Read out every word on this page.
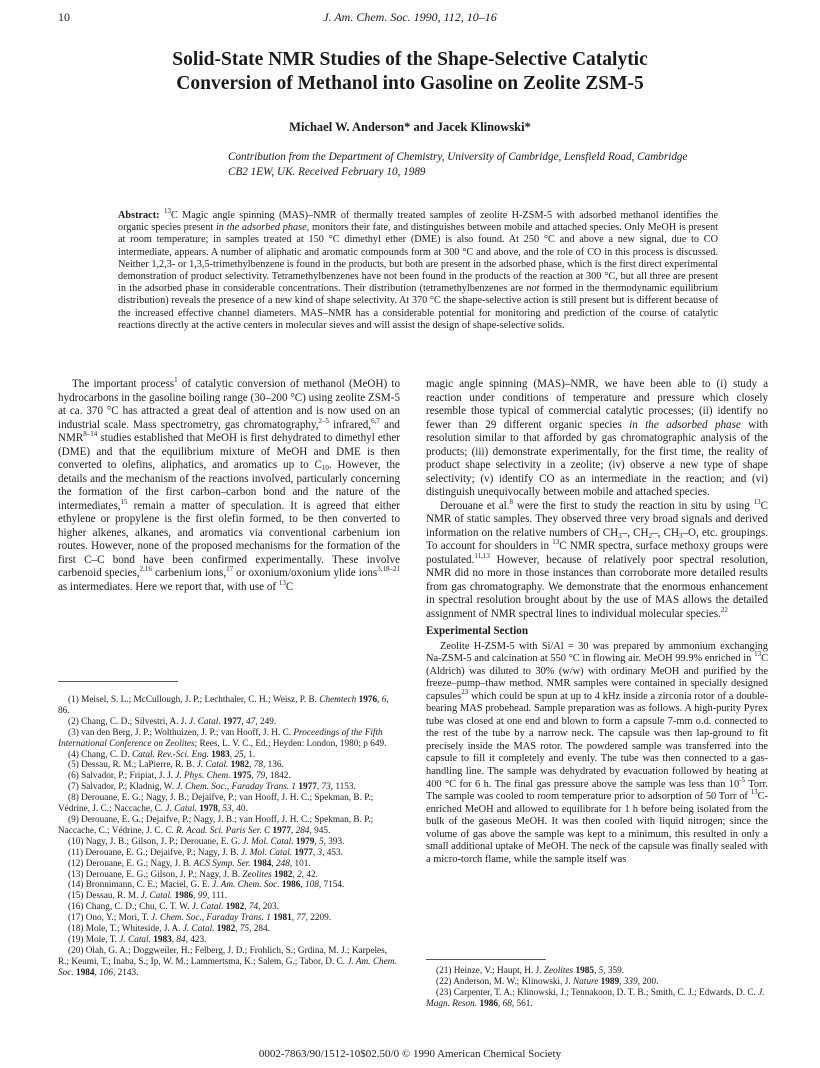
10	J. Am. Chem. Soc. 1990, 112, 10–16
Solid-State NMR Studies of the Shape-Selective Catalytic Conversion of Methanol into Gasoline on Zeolite ZSM-5
Michael W. Anderson* and Jacek Klinowski*
Contribution from the Department of Chemistry, University of Cambridge, Lensfield Road, Cambridge CB2 1EW, UK. Received February 10, 1989
Abstract: $^{13}$C Magic angle spinning (MAS)–NMR of thermally treated samples of zeolite H-ZSM-5 with adsorbed methanol identifies the organic species present in the adsorbed phase, monitors their fate, and distinguishes between mobile and attached species. Only MeOH is present at room temperature; in samples treated at 150 °C dimethyl ether (DME) is also found. At 250 °C and above a new signal, due to CO intermediate, appears. A number of aliphatic and aromatic compounds form at 300 °C and above, and the role of CO in this process is discussed. Neither 1,2,3- or 1,3,5-trimethylbenzene is found in the products, but both are present in the adsorbed phase, which is the first direct experimental demonstration of product selectivity. Tetramethylbenzenes have not been found in the products of the reaction at 300 °C, but all three are present in the adsorbed phase in considerable concentrations. Their distribution (tetramethylbenzenes are not formed in the thermodynamic equilibrium distribution) reveals the presence of a new kind of shape selectivity. At 370 °C the shape-selective action is still present but is different because of the increased effective channel diameters. MAS–NMR has a considerable potential for monitoring and prediction of the course of catalytic reactions directly at the active centers in molecular sieves and will assist the design of shape-selective solids.

The important process$^1$ of catalytic conversion of methanol (MeOH) to hydrocarbons in the gasoline boiling range (30–200 °C) using zeolite ZSM-5 at ca. 370 °C has attracted a great deal of attention and is now used on an industrial scale. Mass spectrometry, gas chromatography,$^{2-5}$ infrared,$^{6,7}$ and NMR$^{8-14}$ studies established that MeOH is first dehydrated to dimethyl ether (DME) and that the equilibrium mixture of MeOH and DME is then converted to olefins, aliphatics, and aromatics up to $C_{10}$. However, the details and the mechanism of the reactions involved, particularly concerning the formation of the first carbon–carbon bond and the nature of the intermediates,$^{15}$ remain a matter of speculation. It is agreed that either ethylene or propylene is the first olefin formed, to be then converted to higher alkenes, alkanes, and aromatics via conventional carbenium ion routes. However, none of the proposed mechanisms for the formation of the first C–C bond have been confirmed experimentally. These involve carbenoid species,$^{2,16}$ carbenium ions,$^{17}$ or oxonium/oxonium ylide ions$^{3,18-21}$ as intermediates. Here we report that, with use of $^{13}$C

(1) Meisel, S. L.; McCullough, J. P.; Lechthaler, C. H.; Weisz, P. B. Chemtech 1976, 6, 86.
(2) Chang, C. D.; Silvestri, A. J. J. Catal. 1977, 47, 249.
(3) van den Berg, J. P.; Wolthuizen, J. P.; van Hooff, J. H. C. Proceedings of the Fifth International Conference on Zeolites; Rees, L. V. C., Ed.; Heyden: London, 1980; p 649.
(4) Chang, C. D. Catal. Rev.-Sci. Eng. 1983, 25, 1.
(5) Dessau, R. M.; LaPierre, R. B. J. Catal. 1982, 78, 136.
(6) Salvador, P.; Fripiat, J. J. J. Phys. Chem. 1975, 79, 1842.
(7) Salvador, P.; Kladnig, W. J. Chem. Soc., Faraday Trans. 1 1977, 73, 1153.
(8) Derouane, E. G.; Nagy, J. B.; Dejaifve, P.; van Hooff, J. H. C.; Spekman, B. P.; Védrine, J. C.; Naccache, C. J. Catal. 1978, 53, 40.
(9) Derouane, E. G.; Dejaifve, P.; Nagy, J. B.; van Hooff, J. H. C.; Spekman, B. P.; Naccache, C.; Védrine, J. C. C. R. Acad. Sci. Paris Ser. C 1977, 284, 945.
(10) Nagy, J. B.; Gilson, J. P.; Derouane, E. G. J. Mol. Catal. 1979, 5, 393.
(11) Derouane, E. G.; Dejaifve, P.; Nagy, J. B. J. Mol. Catal. 1977, 3, 453.
(12) Derouane, E. G.; Nagy, J. B. ACS Symp. Ser. 1984, 248, 101.
(13) Derouane, E. G.; Gilson, J. P.; Nagy, J. B. Zeolites 1982, 2, 42.
(14) Bronnimann, C. E.; Maciel, G. E. J. Am. Chem. Soc. 1986, 108, 7154.
(15) Dessau, R. M. J. Catal. 1986, 99, 111.
(16) Chang, C. D.; Chu, C. T. W. J. Catal. 1982, 74, 203.
(17) Ono, Y.; Mori, T. J. Chem. Soc., Faraday Trans. 1 1981, 77, 2209.
(18) Mole, T.; Whiteside, J. A. J. Catal. 1982, 75, 284.
(19) Mole, T. J. Catal. 1983, 84, 423.
(20) Olah, G. A.; Doggweiler, H.; Felberg, J. D.; Frohlich, S.; Grdina, M. J.; Karpeles, R.; Keumi, T.; Inaba, S.; Ip, W. M.; Lammertsma, K.; Salem, G.; Tabor, D. C. J. Am. Chem. Soc. 1984, 106, 2143.

magic angle spinning (MAS)–NMR, we have been able to (i) study a reaction under conditions of temperature and pressure which closely resemble those typical of commercial catalytic processes; (ii) identify no fewer than 29 different organic species in the adsorbed phase with resolution similar to that afforded by gas chromatographic analysis of the products; (iii) demonstrate experimentally, for the first time, the reality of product shape selectivity in a zeolite; (iv) observe a new type of shape selectivity; (v) identify CO as an intermediate in the reaction; and (vi) distinguish unequivocally between mobile and attached species.

Derouane et al.$^8$ were the first to study the reaction in situ by using $^{13}$C NMR of static samples. They observed three very broad signals and derived information on the relative numbers of $CH_3-$, $CH_2-$, $CH_3-O$, etc. groupings. To account for shoulders in $^{13}$C NMR spectra, surface methoxy groups were postulated.$^{11,13}$ However, because of relatively poor spectral resolution, NMR did no more in those instances than corroborate more detailed results from gas chromatography. We demonstrate that the enormous enhancement in spectral resolution brought about by the use of MAS allows the detailed assignment of NMR spectral lines to individual molecular species.$^{22}$

Experimental Section

Zeolite H-ZSM-5 with Si/Al = 30 was prepared by ammonium exchanging Na-ZSM-5 and calcination at 550 °C in flowing air. MeOH 99.9% enriched in $^{13}$C (Aldrich) was diluted to 30% (w/w) with ordinary MeOH and purified by the freeze–pump–thaw method. NMR samples were contained in specially designed capsules$^{23}$ which could be spun at up to 4 kHz inside a zirconia rotor of a double-bearing MAS probehead. Sample preparation was as follows. A high-purity Pyrex tube was closed at one end and blown to form a capsule 7-mm o.d. connected to the rest of the tube by a narrow neck. The capsule was then lap-ground to fit precisely inside the MAS rotor. The powdered sample was transferred into the capsule to fill it completely and evenly. The tube was then connected to a gas-handling line. The sample was dehydrated by evacuation followed by heating at 400 °C for 6 h. The final gas pressure above the sample was less than $10^{-5}$ Torr. The sample was cooled to room temperature prior to adsorption of 50 Torr of $^{13}$C-enriched MeOH and allowed to equilibrate for 1 h before being isolated from the bulk of the gaseous MeOH. It was then cooled with liquid nitrogen; since the volume of gas above the sample was kept to a minimum, this resulted in only a small additional uptake of MeOH. The neck of the capsule was finally sealed with a micro-torch flame, while the sample itself was

(21) Heinze, V.; Haupt, H. J. Zeolites 1985, 5, 359.
(22) Anderson, M. W.; Klinowski, J. Nature 1989, 339, 200.
(23) Carpenter, T. A.; Klinowski, J.; Tennakoon, D. T. B.; Smith, C. J.; Edwards, D. C. J. Magn. Reson. 1986, 68, 561.
0002-7863/90/1512-10$02.50/0 © 1990 American Chemical Society
